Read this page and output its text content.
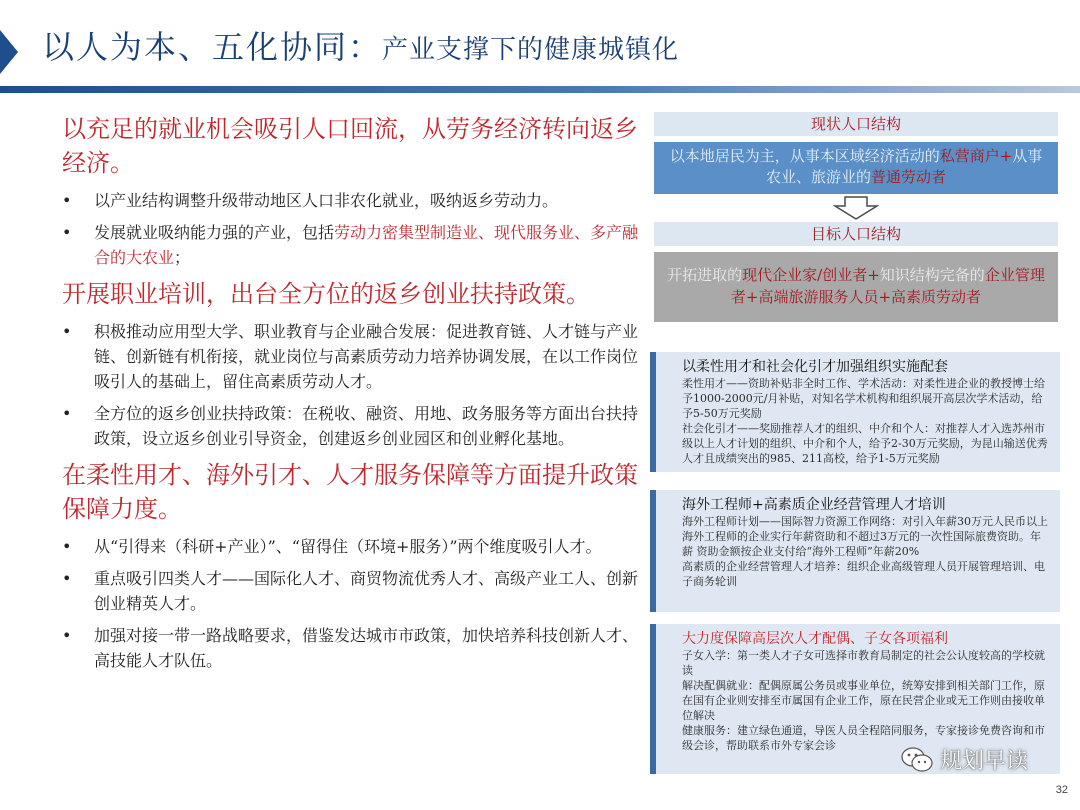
以人为本、五化协同：产业支撑下的健康城镇化
以充足的就业机会吸引人口回流，从劳务经济转向返乡经济。
• 以产业结构调整升级带动地区人口非农化就业，吸纳返乡劳动力。
• 发展就业吸纳能力强的产业，包括劳动力密集型制造业、现代服务业、多产融合的大农业；
开展职业培训，出台全方位的返乡创业扶持政策。
• 积极推动应用型大学、职业教育与企业融合发展：促进教育链、人才链与产业链、创新链有机衔接，就业岗位与高素质劳动力培养协调发展，在以工作岗位吸引人的基础上，留住高素质劳动人才。
• 全方位的返乡创业扶持政策：在税收、融资、用地、政务服务等方面出台扶持政策，设立返乡创业引导资金，创建返乡创业园区和创业孵化基地。
在柔性用才、海外引才、人才服务保障等方面提升政策保障力度。
• 从“引得来（科研+产业）”、“留得住（环境+服务）”两个维度吸引人才。
• 重点吸引四类人才——国际化人才、商贸物流优秀人才、高级产业工人、创新创业精英人才。
• 加强对接一带一路战略要求，借鉴发达城市市政策，加快培养科技创新人才、高技能人才队伍。
现状人口结构
以本地居民为主，从事本区域经济活动的私营商户+从事农业、旅游业的普通劳动者
目标人口结构
开拓进取的现代企业家/创业者+知识结构完备的企业管理者+高端旅游服务人员+高素质劳动者
以柔性用才和社会化引才加强组织实施配套

柔性用才——资助补贴非全时工作、学术活动：对柔性进企业的教授博士给予1000-2000元/月补贴，对知名学术机构和组织展开高层次学术活动，给予5-50万元奖励

社会化引才——奖励推荐人才的组织、中介和个人：对推荐人才入选苏州市级以上人才计划的组织、中介和个人，给予2-30万元奖励，为昆山输送优秀人才且成绩突出的985、211高校，给予1-5万元奖励

海外工程师+高素质企业经营管理人才培训

海外工程师计划——国际智力资源工作网络：对引入年薪30万元人民币以上海外工程师的企业实行年薪资助和不超过3万元的一次性国际旅费资助。年薪 资助金额按企业支付给“海外工程师”年薪20%

高素质的企业经营管理人才培养：组织企业高级管理人员开展管理培训、电子商务轮训

大力度保障高层次人才配偶、子女各项福利

子女入学：第一类人才子女可选择市教育局制定的社会公认度较高的学校就读

解决配偶就业：配偶原属公务员或事业单位，统筹安排到相关部门工作，原在国有企业则安排至市属国有企业工作，原在民营企业或无工作则由接收单位解决

健康服务：建立绿色通道，导医人员全程陪同服务，专家接诊免费咨询和市级会诊，帮助联系市外专家会诊

规划早读
32
